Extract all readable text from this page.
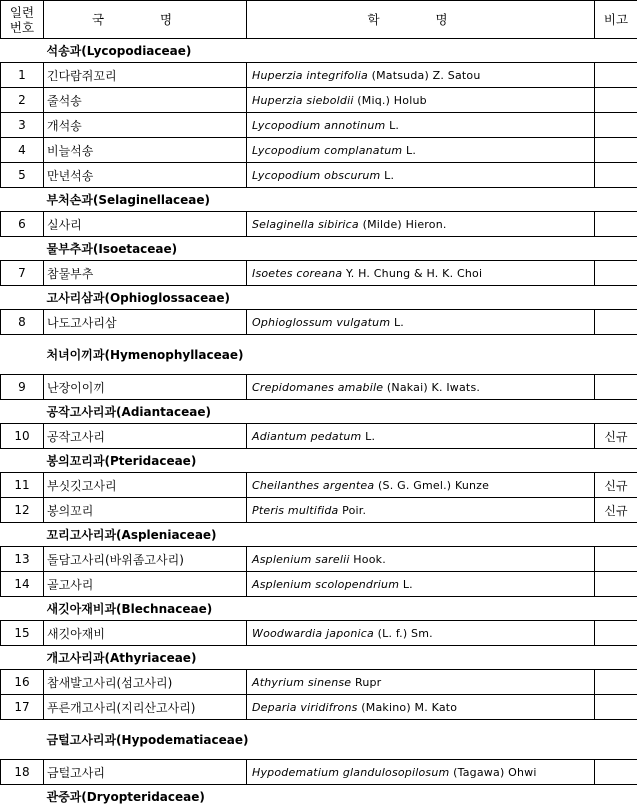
일련
번호	국 명	학 명	비고
	석송과(Lycopodiaceae)		
1	긴다람쥐꼬리	Huperzia integrifolia (Matsuda) Z. Satou	
2	줄석송	Huperzia sieboldii (Miq.) Holub	
3	개석송	Lycopodium annotinum L.	
4	비늘석송	Lycopodium complanatum L.	
5	만년석송	Lycopodium obscurum L.	
	부처손과(Selaginellaceae)		
6	실사리	Selaginella sibirica (Milde) Hieron.	
	물부추과(Isoetaceae)		
7	참물부추	Isoetes coreana Y. H. Chung & H. K. Choi	
	고사리삼과(Ophioglossaceae)		
8	나도고사리삼	Ophioglossum vulgatum L.	
	처녀이끼과(Hymenophyllaceae)		
9	난장이이끼	Crepidomanes amabile (Nakai) K. Iwats.	
	공작고사리과(Adiantaceae)		
10	공작고사리	Adiantum pedatum L.	신규
	봉의꼬리과(Pteridaceae)		
11	부싯깃고사리	Cheilanthes argentea (S. G. Gmel.) Kunze	신규
12	봉의꼬리	Pteris multifida Poir.	신규
	꼬리고사리과(Aspleniaceae)		
13	돌담고사리(바위좀고사리)	Asplenium sarelii Hook.	
14	골고사리	Asplenium scolopendrium L.	
	새깃아재비과(Blechnaceae)		
15	새깃아재비	Woodwardia japonica (L. f.) Sm.	
	개고사리과(Athyriaceae)		
16	참새발고사리(섬고사리)	Athyrium sinense Rupr	
17	푸른개고사리(지리산고사리)	Deparia viridifrons (Makino) M. Kato	
	금털고사리과(Hypodematiaceae)		
18	금털고사리	Hypodematium glandulosopilosum (Tagawa) Ohwi	
	관중과(Dryopteridaceae)		
